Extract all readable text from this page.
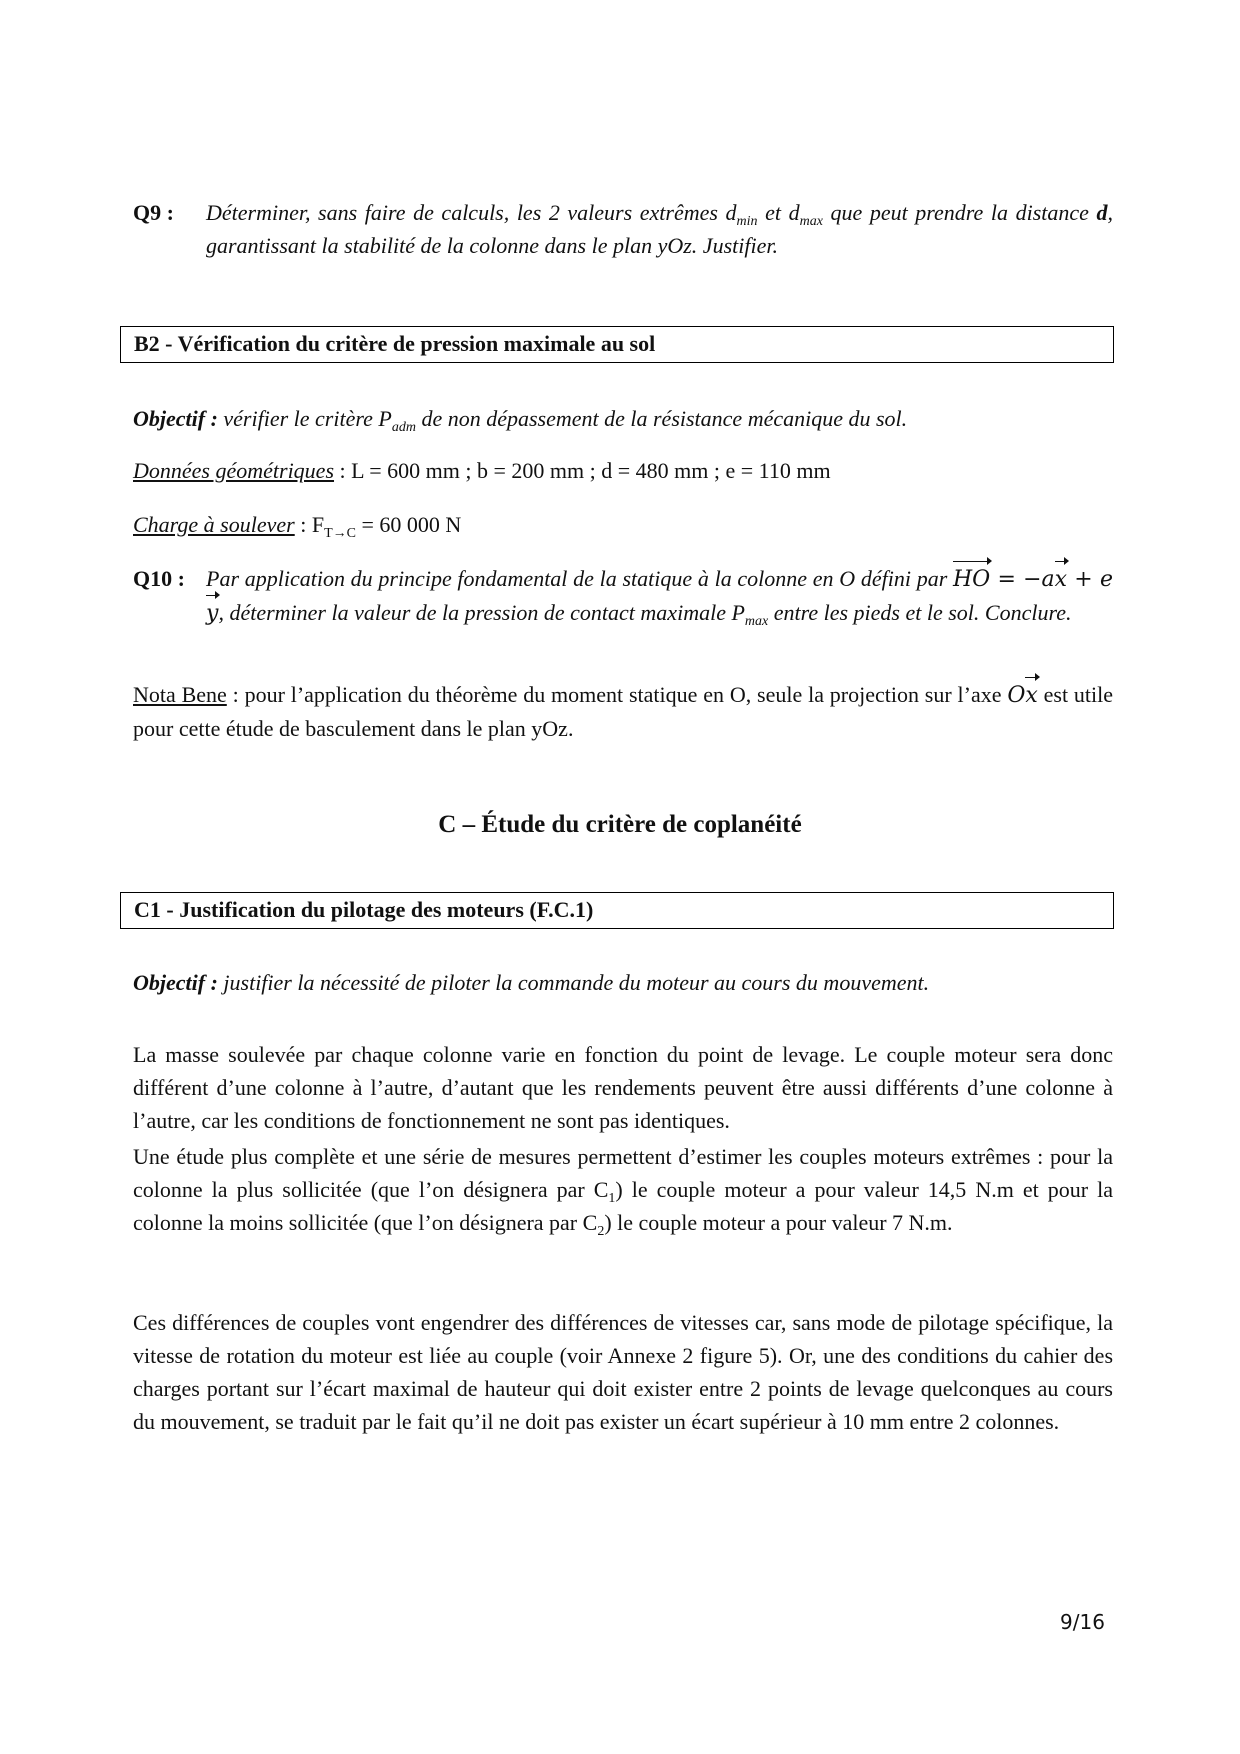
Q9 : Déterminer, sans faire de calculs, les 2 valeurs extrêmes $d_{min}$ et $d_{max}$ que peut prendre la distance d, garantissant la stabilité de la colonne dans le plan yOz. Justifier.
B2 - Vérification du critère de pression maximale au sol
Objectif : vérifier le critère $P_{adm}$ de non dépassement de la résistance mécanique du sol.
Données géométriques : L = 600 mm ; b = 200 mm ; d = 480 mm ; e = 110 mm
Charge à soulever : $F_{T\to C} = 60$ 000 N
Q10 : Par application du principe fondamental de la statique à la colonne en O défini par HO = −ax + ey, déterminer la valeur de la pression de contact maximale $P_{max}$ entre les pieds et le sol. Conclure.
Nota Bene : pour l’application du théorème du moment statique en O, seule la projection sur l’axe Ox est utile pour cette étude de basculement dans le plan yOz.
C – Étude du critère de coplanéité
C1 - Justification du pilotage des moteurs (F.C.1)
Objectif : justifier la nécessité de piloter la commande du moteur au cours du mouvement.
La masse soulevée par chaque colonne varie en fonction du point de levage. Le couple moteur sera donc différent d’une colonne à l’autre, d’autant que les rendements peuvent être aussi différents d’une colonne à l’autre, car les conditions de fonctionnement ne sont pas identiques.
Une étude plus complète et une série de mesures permettent d’estimer les couples moteurs extrêmes : pour la colonne la plus sollicitée (que l’on désignera par $C_1$) le couple moteur a pour valeur 14,5 N.m et pour la colonne la moins sollicitée (que l’on désignera par $C_2$) le couple moteur a pour valeur 7 N.m.
Ces différences de couples vont engendrer des différences de vitesses car, sans mode de pilotage spécifique, la vitesse de rotation du moteur est liée au couple (voir Annexe 2 figure 5). Or, une des conditions du cahier des charges portant sur l’écart maximal de hauteur qui doit exister entre 2 points de levage quelconques au cours du mouvement, se traduit par le fait qu’il ne doit pas exister un écart supérieur à 10 mm entre 2 colonnes.
9/16
